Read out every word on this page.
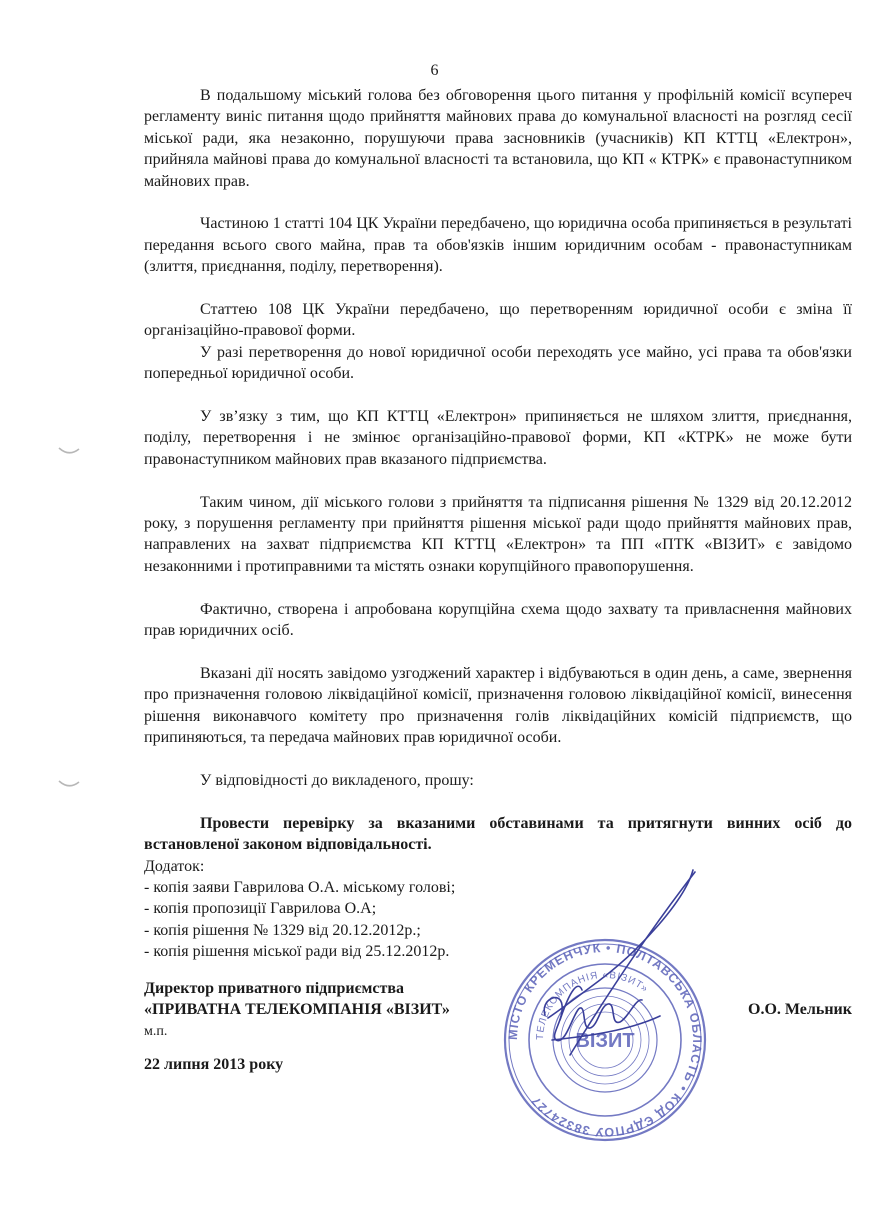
6

В подальшому міський голова без обговорення цього питання у профільній комісії всупереч регламенту виніс питання щодо прийняття майнових права до комунальної власності на розгляд сесії міської ради, яка незаконно, порушуючи права засновників (учасників) КП КТТЦ «Електрон», прийняла майнові права до комунальної власності та встановила, що КП « КТРК» є правонаступником майнових прав.

Частиною 1 статті 104 ЦК України передбачено, що юридична особа припиняється в результаті передання всього свого майна, прав та обов'язків іншим юридичним особам - правонаступникам (злиття, приєднання, поділу, перетворення).

Статтею 108 ЦК України передбачено, що перетворенням юридичної особи є зміна її організаційно-правової форми.

У разі перетворення до нової юридичної особи переходять усе майно, усі права та обов'язки попередньої юридичної особи.

У зв’язку з тим, що КП КТТЦ «Електрон» припиняється не шляхом злиття, приєднання, поділу, перетворення і не змінює організаційно-правової форми, КП «КТРК» не може бути правонаступником майнових прав вказаного підприємства.

Таким чином, дії міського голови з прийняття та підписання рішення № 1329 від 20.12.2012 року, з порушення регламенту при прийняття рішення міської ради щодо прийняття майнових прав, направлених на захват підприємства КП КТТЦ «Електрон» та ПП «ПТК «ВІЗИТ» є завідомо незаконними і протиправними та містять ознаки корупційного правопорушення.

Фактично, створена і апробована корупційна схема щодо захвату та привласнення майнових прав юридичних осіб.

Вказані дії носять завідомо узгоджений характер і відбуваються в один день, а саме, звернення про призначення головою ліквідаційної комісії, призначення головою ліквідаційної комісії, винесення рішення виконавчого комітету про призначення голів ліквідаційних комісій підприємств, що припиняються, та передача майнових прав юридичної особи.

У відповідності до викладеного, прошу:

Провести перевірку за вказаними обставинами та притягнути винних осіб до встановленої законом відповідальності.

Додаток:
- копія заяви Гаврилова О.А. міському голові;
- копія пропозиції Гаврилова О.А;
- копія рішення № 1329 від 20.12.2012р.;
- копія рішення міської ради від 25.12.2012р.
Директор приватного підприємства
«ПРИВАТНА ТЕЛЕКОМПАНІЯ «ВІЗИТ»	О.О. Мельник
м.п.
22 липня 2013 року
МІСТО КРЕМЕНЧУК • ПОЛТАВСЬКА ОБЛАСТЬ • КОД ЄДРПОУ 38324727
ТЕЛЕКОМПАНІЯ «ВІЗИТ»
ВІЗИТ
